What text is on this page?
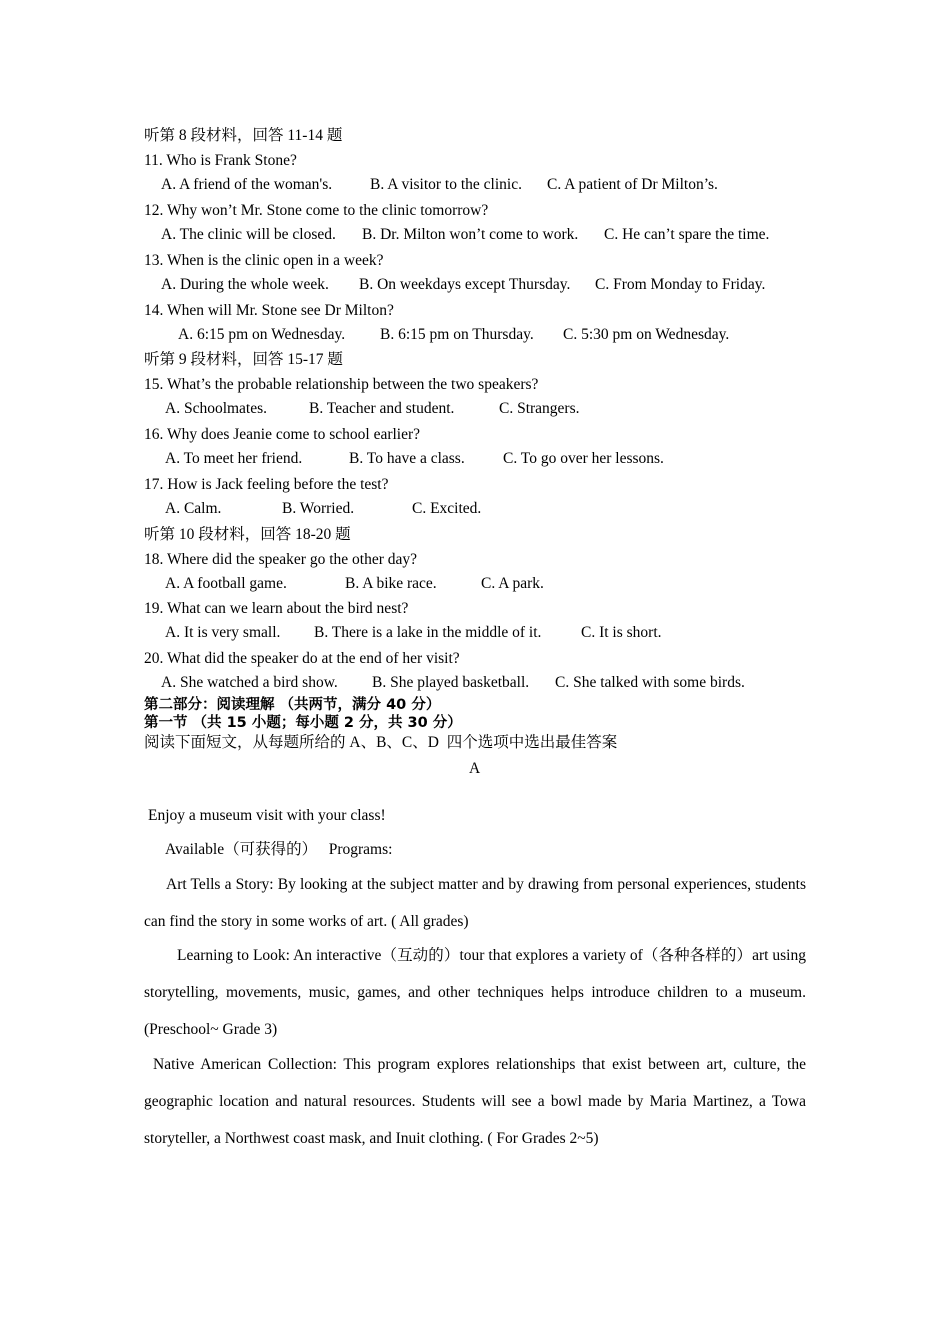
听第 8 段材料，回答 11-14 题
11. Who is Frank Stone?
A. A friend of the woman's. B. A visitor to the clinic. C. A patient of Dr Milton’s.
12. Why won’t Mr. Stone come to the clinic tomorrow?
A. The clinic will be closed. B. Dr. Milton won’t come to work. C. He can’t spare the time.
13. When is the clinic open in a week?
A. During the whole week. B. On weekdays except Thursday. C. From Monday to Friday.
14. When will Mr. Stone see Dr Milton?
A. 6:15 pm on Wednesday. B. 6:15 pm on Thursday. C. 5:30 pm on Wednesday.
听第 9 段材料，回答 15-17 题
15. What’s the probable relationship between the two speakers?
A. Schoolmates.	B. Teacher and student.	C. Strangers.
16. Why does Jeanie come to school earlier?
A. To meet her friend.	B. To have a class. C. To go over her lessons.
17. How is Jack feeling before the test?
A. Calm.	B. Worried.	C. Excited.
听第 10 段材料，回答 18-20 题
18. Where did the speaker go the other day?
A. A football game.	B. A bike race.	C. A park.
19. What can we learn about the bird nest?
A. It is very small. B. There is a lake in the middle of it.	C. It is short.
20. What did the speaker do at the end of her visit?
A. She watched a bird show. B. She played basketball. C. She talked with some birds.
第二部分：阅读理解 （共两节，满分 40 分）
第一节 （共 15 小题；每小题 2 分，共 30 分）
阅读下面短文，从每题所给的 A、B、C、D  四个选项中选出最佳答案
A
Enjoy a museum visit with your class!
Available（可获得的）   Programs:
Art Tells a Story: By looking at the subject matter and by drawing from personal experiences, students can find the story in some works of art. ( All grades)
Learning to Look: An interactive（互动的）tour that explores a variety of（各种各样的）art using storytelling, movements, music, games, and other techniques helps introduce children to a museum. (Preschool~ Grade 3)
Native American Collection: This program explores relationships that exist between art, culture, the geographic location and natural resources. Students will see a bowl made by Maria Martinez, a Towa storyteller, a Northwest coast mask, and Inuit clothing. ( For Grades 2~5)
